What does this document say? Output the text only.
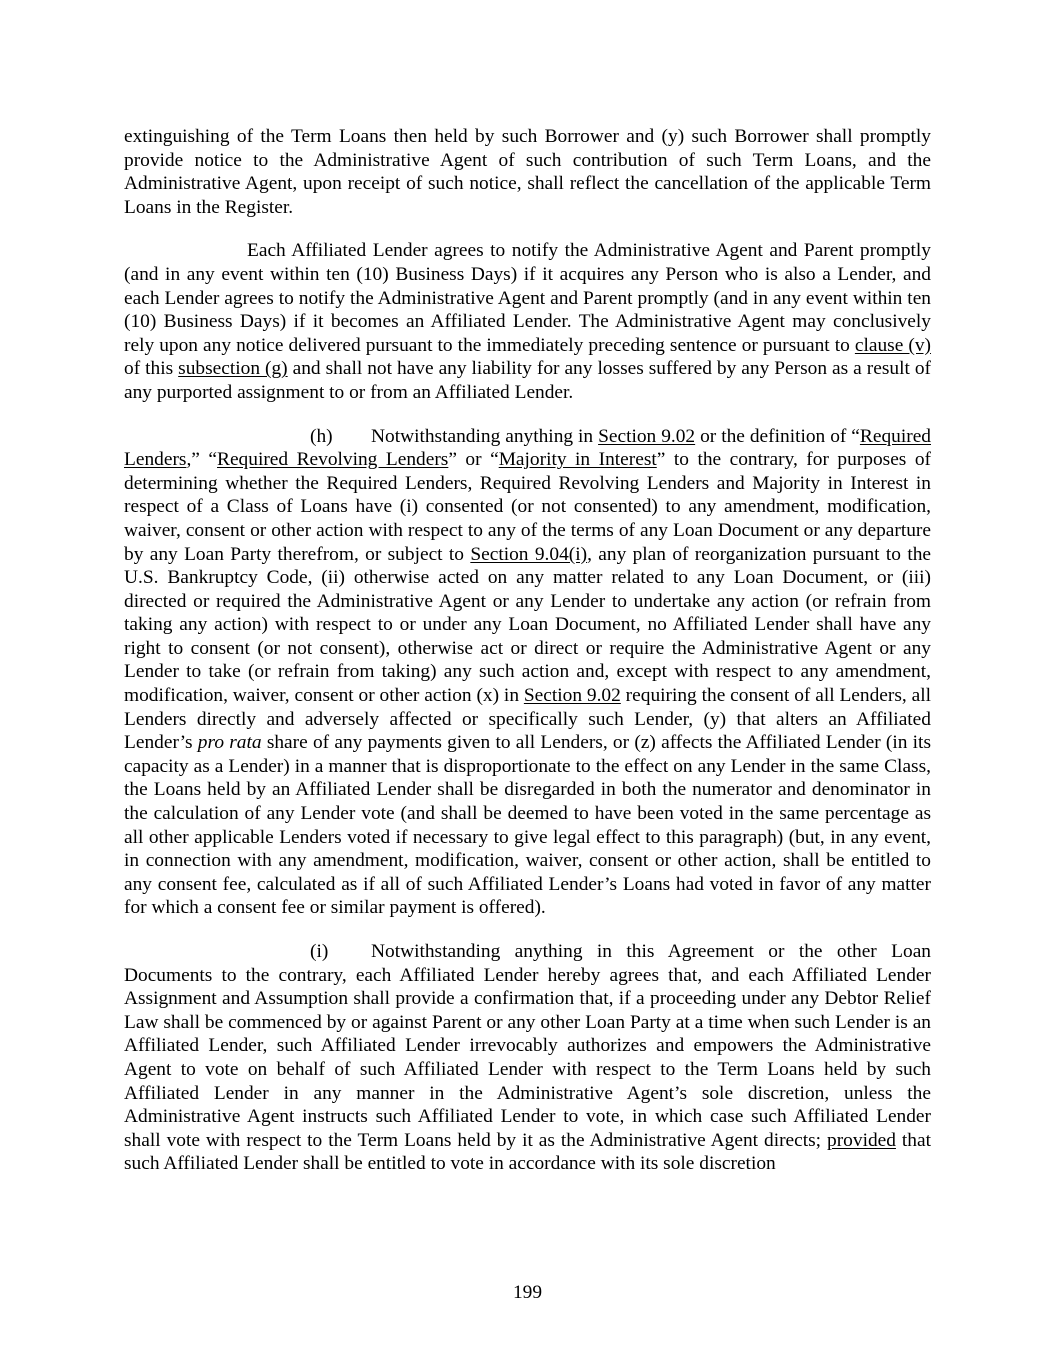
extinguishing of the Term Loans then held by such Borrower and (y) such Borrower shall promptly provide notice to the Administrative Agent of such contribution of such Term Loans, and the Administrative Agent, upon receipt of such notice, shall reflect the cancellation of the applicable Term Loans in the Register.

Each Affiliated Lender agrees to notify the Administrative Agent and Parent promptly (and in any event within ten (10) Business Days) if it acquires any Person who is also a Lender, and each Lender agrees to notify the Administrative Agent and Parent promptly (and in any event within ten (10) Business Days) if it becomes an Affiliated Lender. The Administrative Agent may conclusively rely upon any notice delivered pursuant to the immediately preceding sentence or pursuant to clause (v) of this subsection (g) and shall not have any liability for any losses suffered by any Person as a result of any purported assignment to or from an Affiliated Lender.

(h) Notwithstanding anything in Section 9.02 or the definition of “Required Lenders,” “Required Revolving Lenders” or “Majority in Interest” to the contrary, for purposes of determining whether the Required Lenders, Required Revolving Lenders and Majority in Interest in respect of a Class of Loans have (i) consented (or not consented) to any amendment, modification, waiver, consent or other action with respect to any of the terms of any Loan Document or any departure by any Loan Party therefrom, or subject to Section 9.04(i), any plan of reorganization pursuant to the U.S. Bankruptcy Code, (ii) otherwise acted on any matter related to any Loan Document, or (iii) directed or required the Administrative Agent or any Lender to undertake any action (or refrain from taking any action) with respect to or under any Loan Document, no Affiliated Lender shall have any right to consent (or not consent), otherwise act or direct or require the Administrative Agent or any Lender to take (or refrain from taking) any such action and, except with respect to any amendment, modification, waiver, consent or other action (x) in Section 9.02 requiring the consent of all Lenders, all Lenders directly and adversely affected or specifically such Lender, (y) that alters an Affiliated Lender’s pro rata share of any payments given to all Lenders, or (z) affects the Affiliated Lender (in its capacity as a Lender) in a manner that is disproportionate to the effect on any Lender in the same Class, the Loans held by an Affiliated Lender shall be disregarded in both the numerator and denominator in the calculation of any Lender vote (and shall be deemed to have been voted in the same percentage as all other applicable Lenders voted if necessary to give legal effect to this paragraph) (but, in any event, in connection with any amendment, modification, waiver, consent or other action, shall be entitled to any consent fee, calculated as if all of such Affiliated Lender’s Loans had voted in favor of any matter for which a consent fee or similar payment is offered).

(i) Notwithstanding anything in this Agreement or the other Loan Documents to the contrary, each Affiliated Lender hereby agrees that, and each Affiliated Lender Assignment and Assumption shall provide a confirmation that, if a proceeding under any Debtor Relief Law shall be commenced by or against Parent or any other Loan Party at a time when such Lender is an Affiliated Lender, such Affiliated Lender irrevocably authorizes and empowers the Administrative Agent to vote on behalf of such Affiliated Lender with respect to the Term Loans held by such Affiliated Lender in any manner in the Administrative Agent’s sole discretion, unless the Administrative Agent instructs such Affiliated Lender to vote, in which case such Affiliated Lender shall vote with respect to the Term Loans held by it as the Administrative Agent directs; provided that such Affiliated Lender shall be entitled to vote in accordance with its sole discretion

199
